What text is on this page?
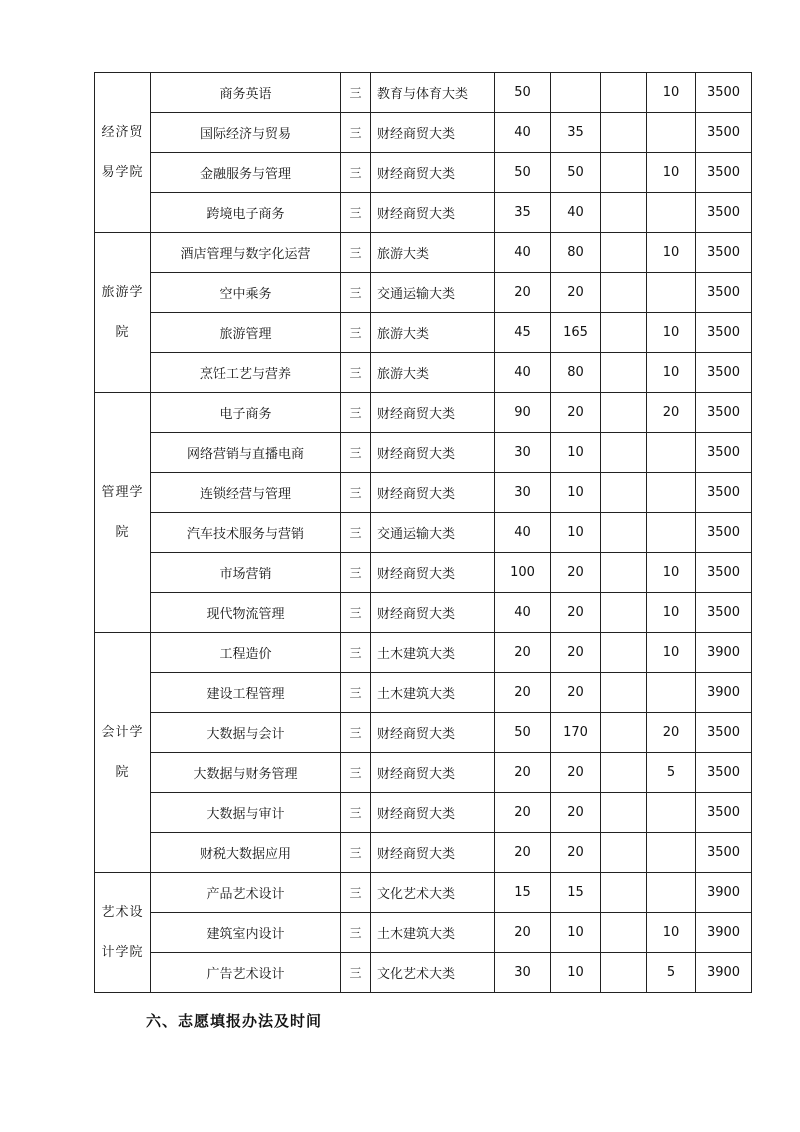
经济贸易学院	商务英语	三	教育与体育大类	50			10	3500
	国际经济与贸易	三	财经商贸大类	40	35			3500
	金融服务与管理	三	财经商贸大类	50	50		10	3500
	跨境电子商务	三	财经商贸大类	35	40			3500
旅游学院	酒店管理与数字化运营	三	旅游大类	40	80		10	3500
	空中乘务	三	交通运输大类	20	20			3500
	旅游管理	三	旅游大类	45	165		10	3500
	烹饪工艺与营养	三	旅游大类	40	80		10	3500
管理学院	电子商务	三	财经商贸大类	90	20		20	3500
	网络营销与直播电商	三	财经商贸大类	30	10			3500
	连锁经营与管理	三	财经商贸大类	30	10			3500
	汽车技术服务与营销	三	交通运输大类	40	10			3500
	市场营销	三	财经商贸大类	100	20		10	3500
	现代物流管理	三	财经商贸大类	40	20		10	3500
会计学院	工程造价	三	土木建筑大类	20	20		10	3900
	建设工程管理	三	土木建筑大类	20	20			3900
	大数据与会计	三	财经商贸大类	50	170		20	3500
	大数据与财务管理	三	财经商贸大类	20	20		5	3500
	大数据与审计	三	财经商贸大类	20	20			3500
	财税大数据应用	三	财经商贸大类	20	20			3500
艺术设计学院	产品艺术设计	三	文化艺术大类	15	15			3900
	建筑室内设计	三	土木建筑大类	20	10		10	3900
	广告艺术设计	三	文化艺术大类	30	10		5	3900
六、志愿填报办法及时间
